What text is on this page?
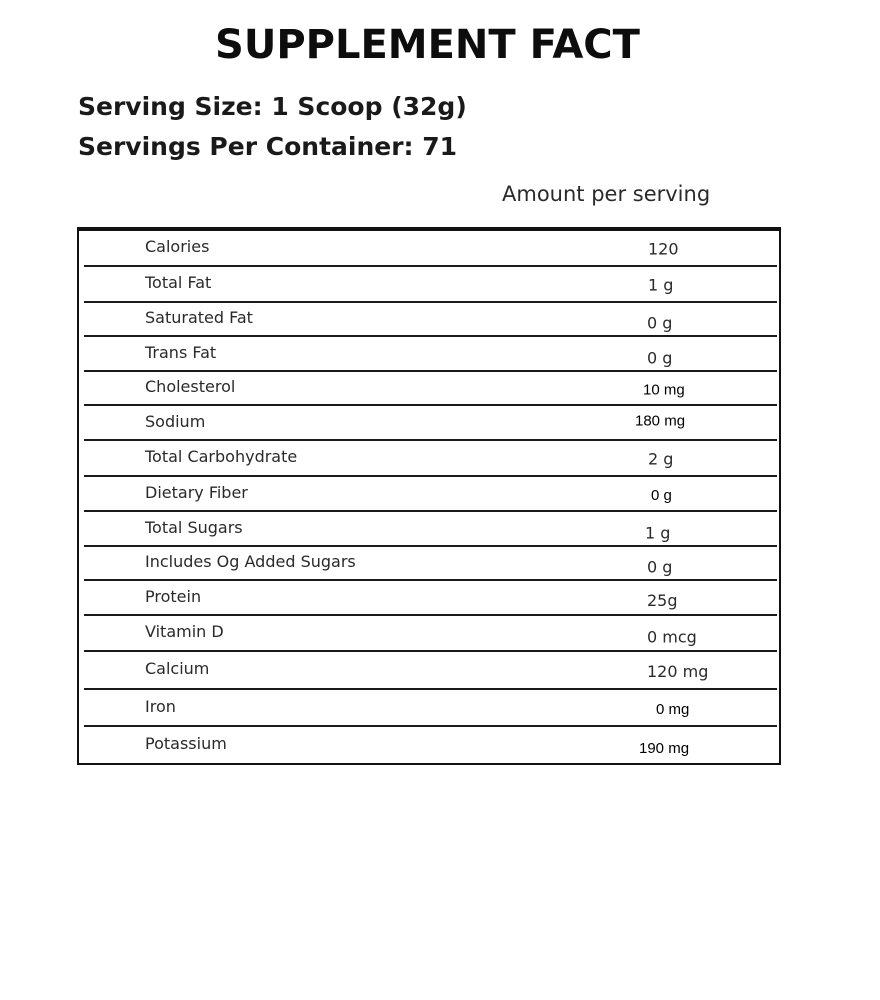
SUPPLEMENT FACT
Serving Size: 1 Scoop (32g)
Servings Per Container: 71
Amount per serving
Calories	120
Total Fat	1 g
Saturated Fat	0 g
Trans Fat	0 g
Cholesterol	10 mg
Sodium	180 mg
Total Carbohydrate	2 g
Dietary Fiber	0 g
Total Sugars	1 g
Includes Og Added Sugars	0 g
Protein	25g
Vitamin D	0 mcg
Calcium	120 mg
Iron	0 mg
Potassium	190 mg
